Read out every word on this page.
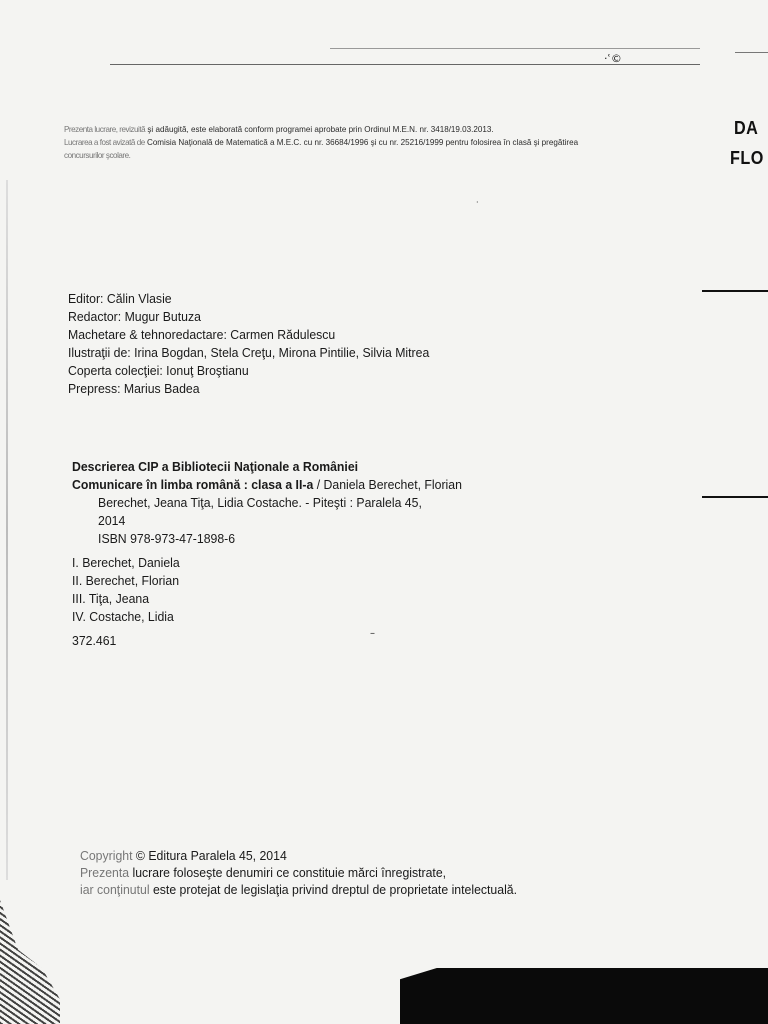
·ʿ©
·
–
DA
FLO
Prezenta lucrare, revizuită şi adăugită, este elaborată conform programei aprobate prin Ordinul M.E.N. nr. 3418/19.03.2013.
Lucrarea a fost avizată de Comisia Naţională de Matematică a M.E.C. cu nr. 36684/1996 şi cu nr. 25216/1999 pentru folosirea în clasă şi pregătirea
concursurilor şcolare.
Editor: Călin Vlasie
Redactor: Mugur Butuza
Machetare & tehnoredactare: Carmen Rădulescu
Ilustraţii de: Irina Bogdan, Stela Creţu, Mirona Pintilie, Silvia Mitrea
Coperta colecţiei: Ionuţ Broştianu
Prepress: Marius Badea
Descrierea CIP a Bibliotecii Naţionale a României
Comunicare în limba română : clasa a II-a / Daniela Berechet, Florian
Berechet, Jeana Tiţa, Lidia Costache. - Piteşti : Paralela 45,
2014
ISBN 978-973-47-1898-6
I. Berechet, Daniela
II. Berechet, Florian
III. Tiţa, Jeana
IV. Costache, Lidia
372.461
Copyright © Editura Paralela 45, 2014
Prezenta lucrare foloseşte denumiri ce constituie mărci înregistrate,
iar conţinutul este protejat de legislaţia privind dreptul de proprietate intelectuală.
